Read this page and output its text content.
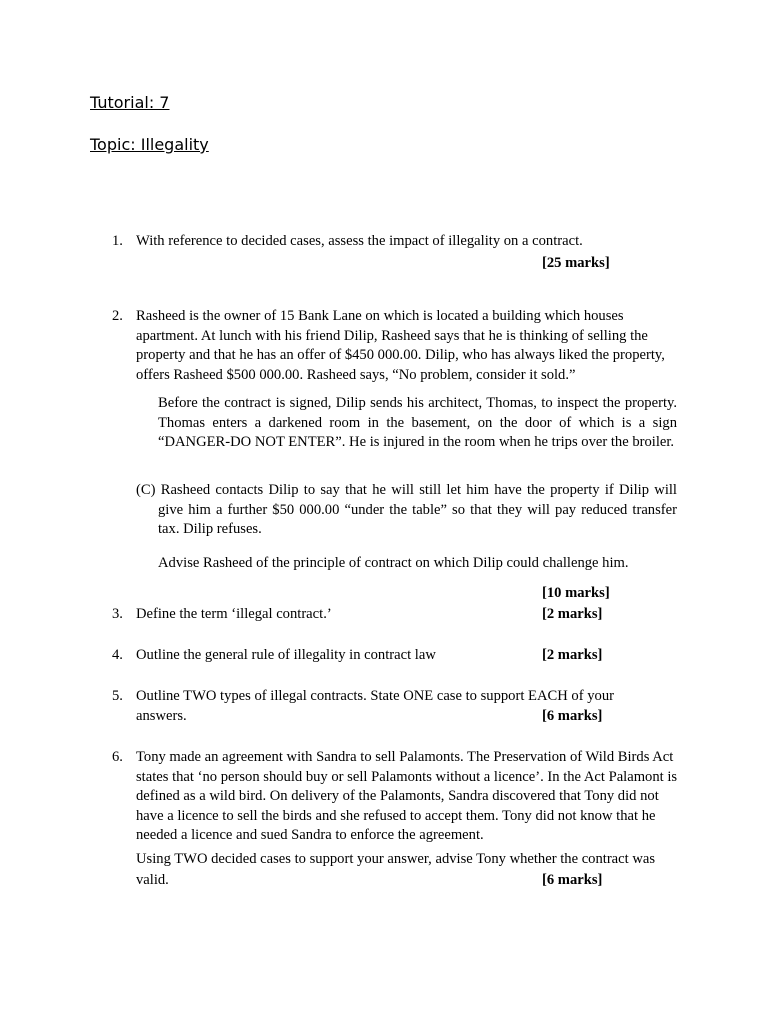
Tutorial: 7
Topic: Illegality
1. With reference to decided cases, assess the impact of illegality on a contract.
[25 marks]
2. Rasheed is the owner of 15 Bank Lane on which is located a building which houses apartment. At lunch with his friend Dilip, Rasheed says that he is thinking of selling the property and that he has an offer of $450 000.00. Dilip, who has always liked the property, offers Rasheed $500 000.00. Rasheed says, “No problem, consider it sold.”

Before the contract is signed, Dilip sends his architect, Thomas, to inspect the property. Thomas enters a darkened room in the basement, on the door of which is a sign “DANGER-DO NOT ENTER”. He is injured in the room when he trips over the broiler.

(C) Rasheed contacts Dilip to say that he will still let him have the property if Dilip will give him a further $50 000.00 “under the table” so that they will pay reduced transfer tax. Dilip refuses.

Advise Rasheed of the principle of contract on which Dilip could challenge him.

[10 marks]
3. Define the term ‘illegal contract.’	[2 marks]
4. Outline the general rule of illegality in contract law	[2 marks]
5. Outline TWO types of illegal contracts. State ONE case to support EACH of your
answers.	[6 marks]
6. Tony made an agreement with Sandra to sell Palamonts. The Preservation of Wild Birds Act states that ‘no person should buy or sell Palamonts without a licence’. In the Act Palamont is defined as a wild bird. On delivery of the Palamonts, Sandra discovered that Tony did not have a licence to sell the birds and she refused to accept them. Tony did not know that he needed a licence and sued Sandra to enforce the agreement.

Using TWO decided cases to support your answer, advise Tony whether the contract was
valid.	[6 marks]
